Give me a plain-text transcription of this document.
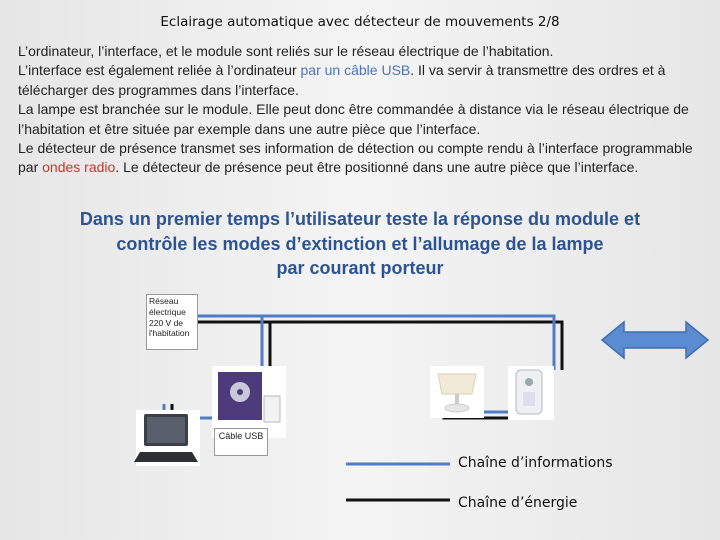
Eclairage automatique avec détecteur de mouvements 2/8
L’ordinateur, l’interface, et le module sont reliés sur le réseau électrique de l’habitation.
L’interface est également reliée à l’ordinateur par un câble USB. Il va servir à transmettre des ordres et à télécharger des programmes dans l’interface.
La lampe est branchée sur le module. Elle peut donc être commandée à distance via le réseau électrique de l’habitation et être située par exemple dans une autre pièce que l’interface.
Le détecteur de présence transmet ses information de détection ou compte rendu à l’interface programmable par ondes radio. Le détecteur de présence peut être positionné dans une autre pièce que l’interface.
Dans un premier temps l’utilisateur teste la réponse du module et
contrôle les modes d’extinction et l’allumage de la lampe
par courant porteur
Réseau électrique 220 V de l'habitation
Câble USB
Chaîne d’informations
Chaîne d’énergie
